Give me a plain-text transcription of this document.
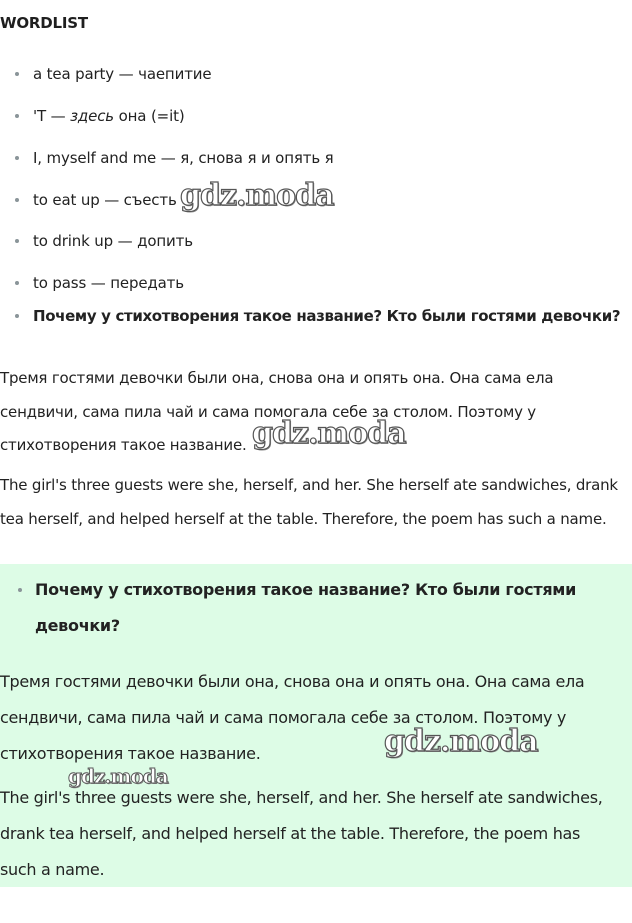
WORDLIST
a tea party — чаепитие
'T — здесь она (=it)
I, myself and me — я, снова я и опять я
to eat up — съесть
to drink up — допить
to pass — передать
Почему у стихотворения такое название? Кто были гостями девочки?

Тремя гостями девочки были она, снова она и опять она. Она сама ела сендвичи, сама пила чай и сама помогала себе за столом. Поэтому у стихотворения такое название.

The girl's three guests were she, herself, and her. She herself ate sandwiches, drank tea herself, and helped herself at the table. Therefore, the poem has such a name.

Почему у стихотворения такое название? Кто были гостями девочки?

Тремя гостями девочки были она, снова она и опять она. Она сама ела сендвичи, сама пила чай и сама помогала себе за столом. Поэтому у стихотворения такое название.

The girl's three guests were she, herself, and her. She herself ate sandwiches, drank tea herself, and helped herself at the table. Therefore, the poem has such a name.

gdz.moda
gdz.moda
gdz.moda
gdz.moda
